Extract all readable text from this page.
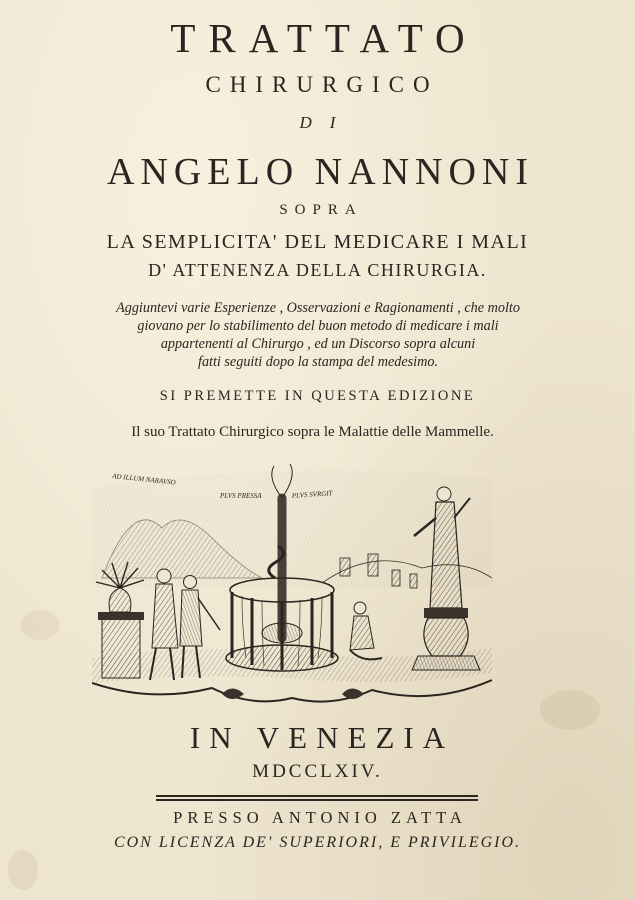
TRATTATO
CHIRURGICO
DI
ANGELO NANNONI
SOPRA
LA SEMPLICITA' DEL MEDICARE I MALI
D' ATTENENZA DELLA CHIRURGIA.
Aggiuntevi varie Esperienze , Osservazioni e Ragionamenti , che molto
giovano per lo stabilimento del buon metodo di medicare i mali
appartenenti al Chirurgo , ed un Discorso sopra alcuni
fatti seguiti dopo la stampa del medesimo.
SI PREMETTE IN QUESTA EDIZIONE
Il suo Trattato Chirurgico sopra le Malattie delle Mammelle.
AD ILLUM NARAVSO
PLVS PRESSA	PLVS SVRGIT
IN VENEZIA
MDCCLXIV.
PRESSO ANTONIO ZATTA
CON LICENZA DE' SUPERIORI, E PRIVILEGIO.
